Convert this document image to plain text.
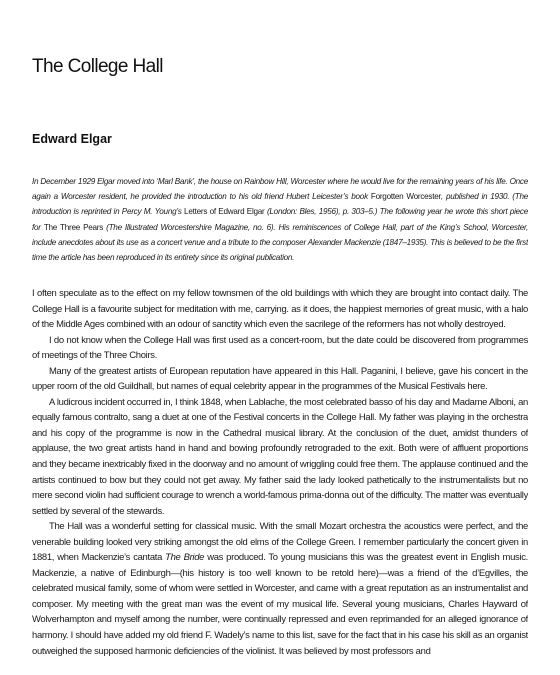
The College Hall
Edward Elgar

In December 1929 Elgar moved into ‘Marl Bank’, the house on Rainbow Hill, Worcester where he would live for the remaining years of his life. Once again a Worcester resident, he provided the introduction to his old friend Hubert Leicester’s book Forgotten Worcester, published in 1930. (The introduction is reprinted in Percy M. Young’s Letters of Edward Elgar (London: Bles, 1956), p. 303–5.) The following year he wrote this short piece for The Three Pears (The Illustrated Worcestershire Magazine, no. 6). His reminiscences of College Hall, part of the King’s School, Worcester, include anecdotes about its use as a concert venue and a tribute to the composer Alexander Mackenzie (1847–1935). This is believed to be the first time the article has been reproduced in its entirety since its original publication.

I often speculate as to the effect on my fellow townsmen of the old buildings with which they are brought into contact daily. The College Hall is a favourite subject for meditation with me, carrying. as it does, the happiest memories of great music, with a halo of the Middle Ages combined with an odour of sanctity which even the sacrilege of the reformers has not wholly destroyed.

I do not know when the College Hall was first used as a concert-room, but the date could be discovered from programmes of meetings of the Three Choirs.

Many of the greatest artists of European reputation have appeared in this Hall. Paganini, I believe, gave his concert in the upper room of the old Guildhall, but names of equal celebrity appear in the programmes of the Musical Festivals here.

A ludicrous incident occurred in, I think 1848, when Lablache, the most celebrated basso of his day and Madame Alboni, an equally famous contralto, sang a duet at one of the Festival concerts in the College Hall. My father was playing in the orchestra and his copy of the programme is now in the Cathedral musical library. At the conclusion of the duet, amidst thunders of applause, the two great artists hand in hand and bowing profoundly retrograded to the exit. Both were of affluent proportions and they became inextricably fixed in the doorway and no amount of wriggling could free them. The applause continued and the artists continued to bow but they could not get away. My father said the lady looked pathetically to the instrumentalists but no mere second violin had sufficient courage to wrench a world-famous prima-donna out of the difficulty. The matter was eventually settled by several of the stewards.

The Hall was a wonderful setting for classical music. With the small Mozart orchestra the acoustics were perfect, and the venerable building looked very striking amongst the old elms of the College Green. I remember particularly the concert given in 1881, when Mackenzie’s cantata The Bride was produced. To young musicians this was the greatest event in English music. Mackenzie, a native of Edinburgh—(his history is too well known to be retold here)—was a friend of the d’Egvilles, the celebrated musical family, some of whom were settled in Worcester, and came with a great reputation as an instrumentalist and composer. My meeting with the great man was the event of my musical life. Several young musicians, Charles Hayward of Wolverhampton and myself among the number, were continually repressed and even reprimanded for an alleged ignorance of harmony. I should have added my old friend F. Wadely’s name to this list, save for the fact that in his case his skill as an organist outweighed the supposed harmonic deficiencies of the violinist. It was believed by most professors and
